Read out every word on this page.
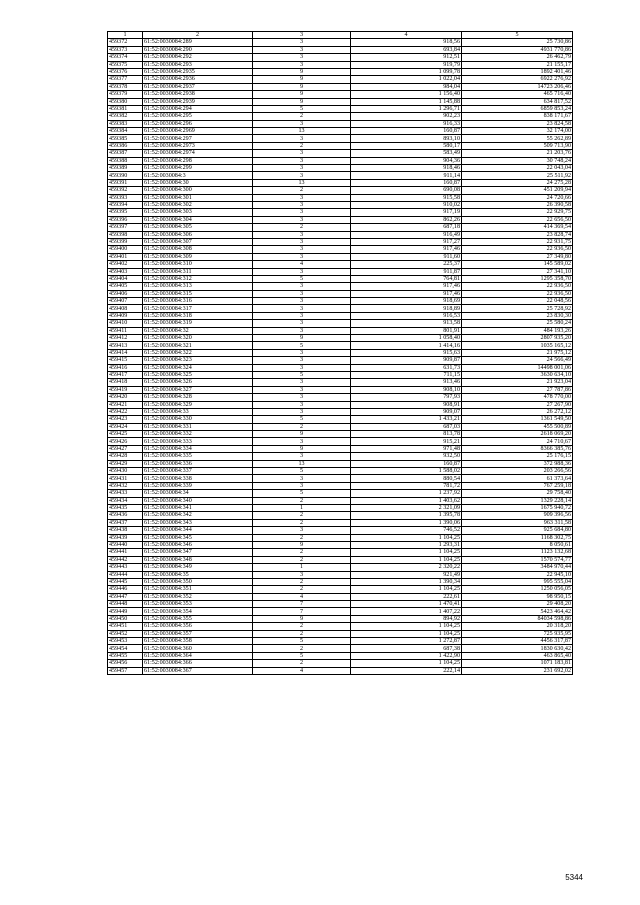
1	2	3	4	5
459372	61:52:0030084:289	3	918,56	25 730,86
459373	61:52:0030084:290	3	693,84	4931 770,86
459374	61:52:0030084:292	3	912,51	26 462,79
459375	61:52:0030084:293	3	919,79	21 155,17
459376	61:52:0030084:2935	9	1 099,78	1892 401,46
459377	61:52:0030084:2936	9	1 022,04	6922 276,92
459378	61:52:0030084:2937	9	984,04	14723 206,46
459379	61:52:0030084:2938	9	1 156,40	465 716,40
459380	61:52:0030084:2939	9	1 145,88	634 817,52
459381	61:52:0030084:294	5	1 296,71	6859 853,24
459382	61:52:0030084:295	2	902,23	838 171,67
459383	61:52:0030084:296	3	916,33	23 824,58
459384	61:52:0030084:2969	13	160,87	32 174,00
459385	61:52:0030084:297	3	893,10	55 262,89
459386	61:52:0030084:2973	2	580,17	509 713,90
459387	61:52:0030084:2974	3	583,49	21 203,76
459388	61:52:0030084:298	3	904,36	30 748,24
459389	61:52:0030084:299	3	918,46	22 043,04
459390	61:52:0030084:3	3	911,14	25 511,92
459391	61:52:0030084:30	13	160,87	24 275,28
459392	61:52:0030084:300	2	690,08	451 209,94
459393	61:52:0030084:301	3	915,58	24 720,66
459394	61:52:0030084:302	3	910,02	26 390,58
459395	61:52:0030084:303	3	917,19	22 929,75
459396	61:52:0030084:304	3	862,26	22 656,50
459397	61:52:0030084:305	2	687,18	414 369,54
459398	61:52:0030084:306	3	916,49	23 828,74
459399	61:52:0030084:307	3	917,27	22 931,75
459400	61:52:0030084:308	3	917,46	22 936,50
459401	61:52:0030084:309	3	911,60	27 349,80
459402	61:52:0030084:310	4	225,37	145 589,02
459403	61:52:0030084:311	3	911,87	27 341,10
459404	61:52:0030084:312	5	764,81	1295 358,70
459405	61:52:0030084:313	3	917,46	22 936,50
459406	61:52:0030084:315	3	917,46	22 936,50
459407	61:52:0030084:316	3	918,69	22 048,56
459408	61:52:0030084:317	3	918,89	25 728,92
459409	61:52:0030084:318	3	916,53	23 830,30
459410	61:52:0030084:319	3	913,58	25 580,24
459411	61:52:0030084:32	3	801,91	484 193,26
459412	61:52:0030084:320	9	1 058,40	2807 935,20
459413	61:52:0030084:321	5	1 414,16	1035 165,12
459414	61:52:0030084:322	3	915,63	21 975,12
459415	61:52:0030084:323	3	909,87	24 566,49
459416	61:52:0030084:324	3	631,73	14498 001,06
459417	61:52:0030084:325	5	711,15	3630 634,10
459418	61:52:0030084:326	3	913,46	21 923,04
459419	61:52:0030084:327	3	908,10	27 787,86
459420	61:52:0030084:328	3	797,93	478 770,00
459421	61:52:0030084:329	3	908,91	27 267,90
459422	61:52:0030084:33	3	909,07	26 272,12
459423	61:52:0030084:330	5	1 433,21	1361 549,50
459424	61:52:0030084:331	2	687,03	455 500,89
459425	61:52:0030084:332	9	813,78	2618 069,20
459426	61:52:0030084:333	3	915,21	24 710,67
459427	61:52:0030084:334	9	971,48	8366 385,76
459428	61:52:0030084:335	3	932,50	25 176,15
459429	61:52:0030084:336	13	160,87	372 988,36
459430	61:52:0030084:337	5	1 588,02	203 266,56
459431	61:52:0030084:338	3	880,54	61 373,64
459432	61:52:0030084:339	3	781,72	767 259,18
459433	61:52:0030084:34	5	1 237,92	29 758,40
459434	61:52:0030084:340	2	1 403,62	1329 228,14
459435	61:52:0030084:341	1	2 321,09	1675 940,72
459436	61:52:0030084:342	2	1 395,78	909 396,56
459437	61:52:0030084:343	2	1 390,06	963 311,58
459438	61:52:0030084:344	3	746,52	925 684,80
459439	61:52:0030084:345	2	1 104,25	1168 302,75
459440	61:52:0030084:346	9	1 293,31	8 050,61
459441	61:52:0030084:347	2	1 104,25	1123 132,68
459442	61:52:0030084:348	2	1 104,25	1570 574,77
459443	61:52:0030084:349	1	2 320,22	3484 970,44
459444	61:52:0030084:35	3	921,49	22 945,10
459445	61:52:0030084:350	2	1 390,34	995 555,04
459446	61:52:0030084:351	2	1 104,25	1250 056,05
459447	61:52:0030084:352	4	222,61	98 950,15
459448	61:52:0030084:353	7	1 470,41	29 408,20
459449	61:52:0030084:354	7	1 407,22	5423 464,42
459450	61:52:0030084:355	9	894,92	84034 598,86
459451	61:52:0030084:356	2	1 104,25	20 318,20
459452	61:52:0030084:357	2	1 104,25	725 935,95
459453	61:52:0030084:358	5	1 272,87	4456 317,87
459454	61:52:0030084:360	2	687,38	1830 630,42
459455	61:52:0030084:364	5	1 422,90	463 865,40
459456	61:52:0030084:366	2	1 104,25	1071 183,81
459457	61:52:0030084:367	4	222,14	231 692,02
5344
